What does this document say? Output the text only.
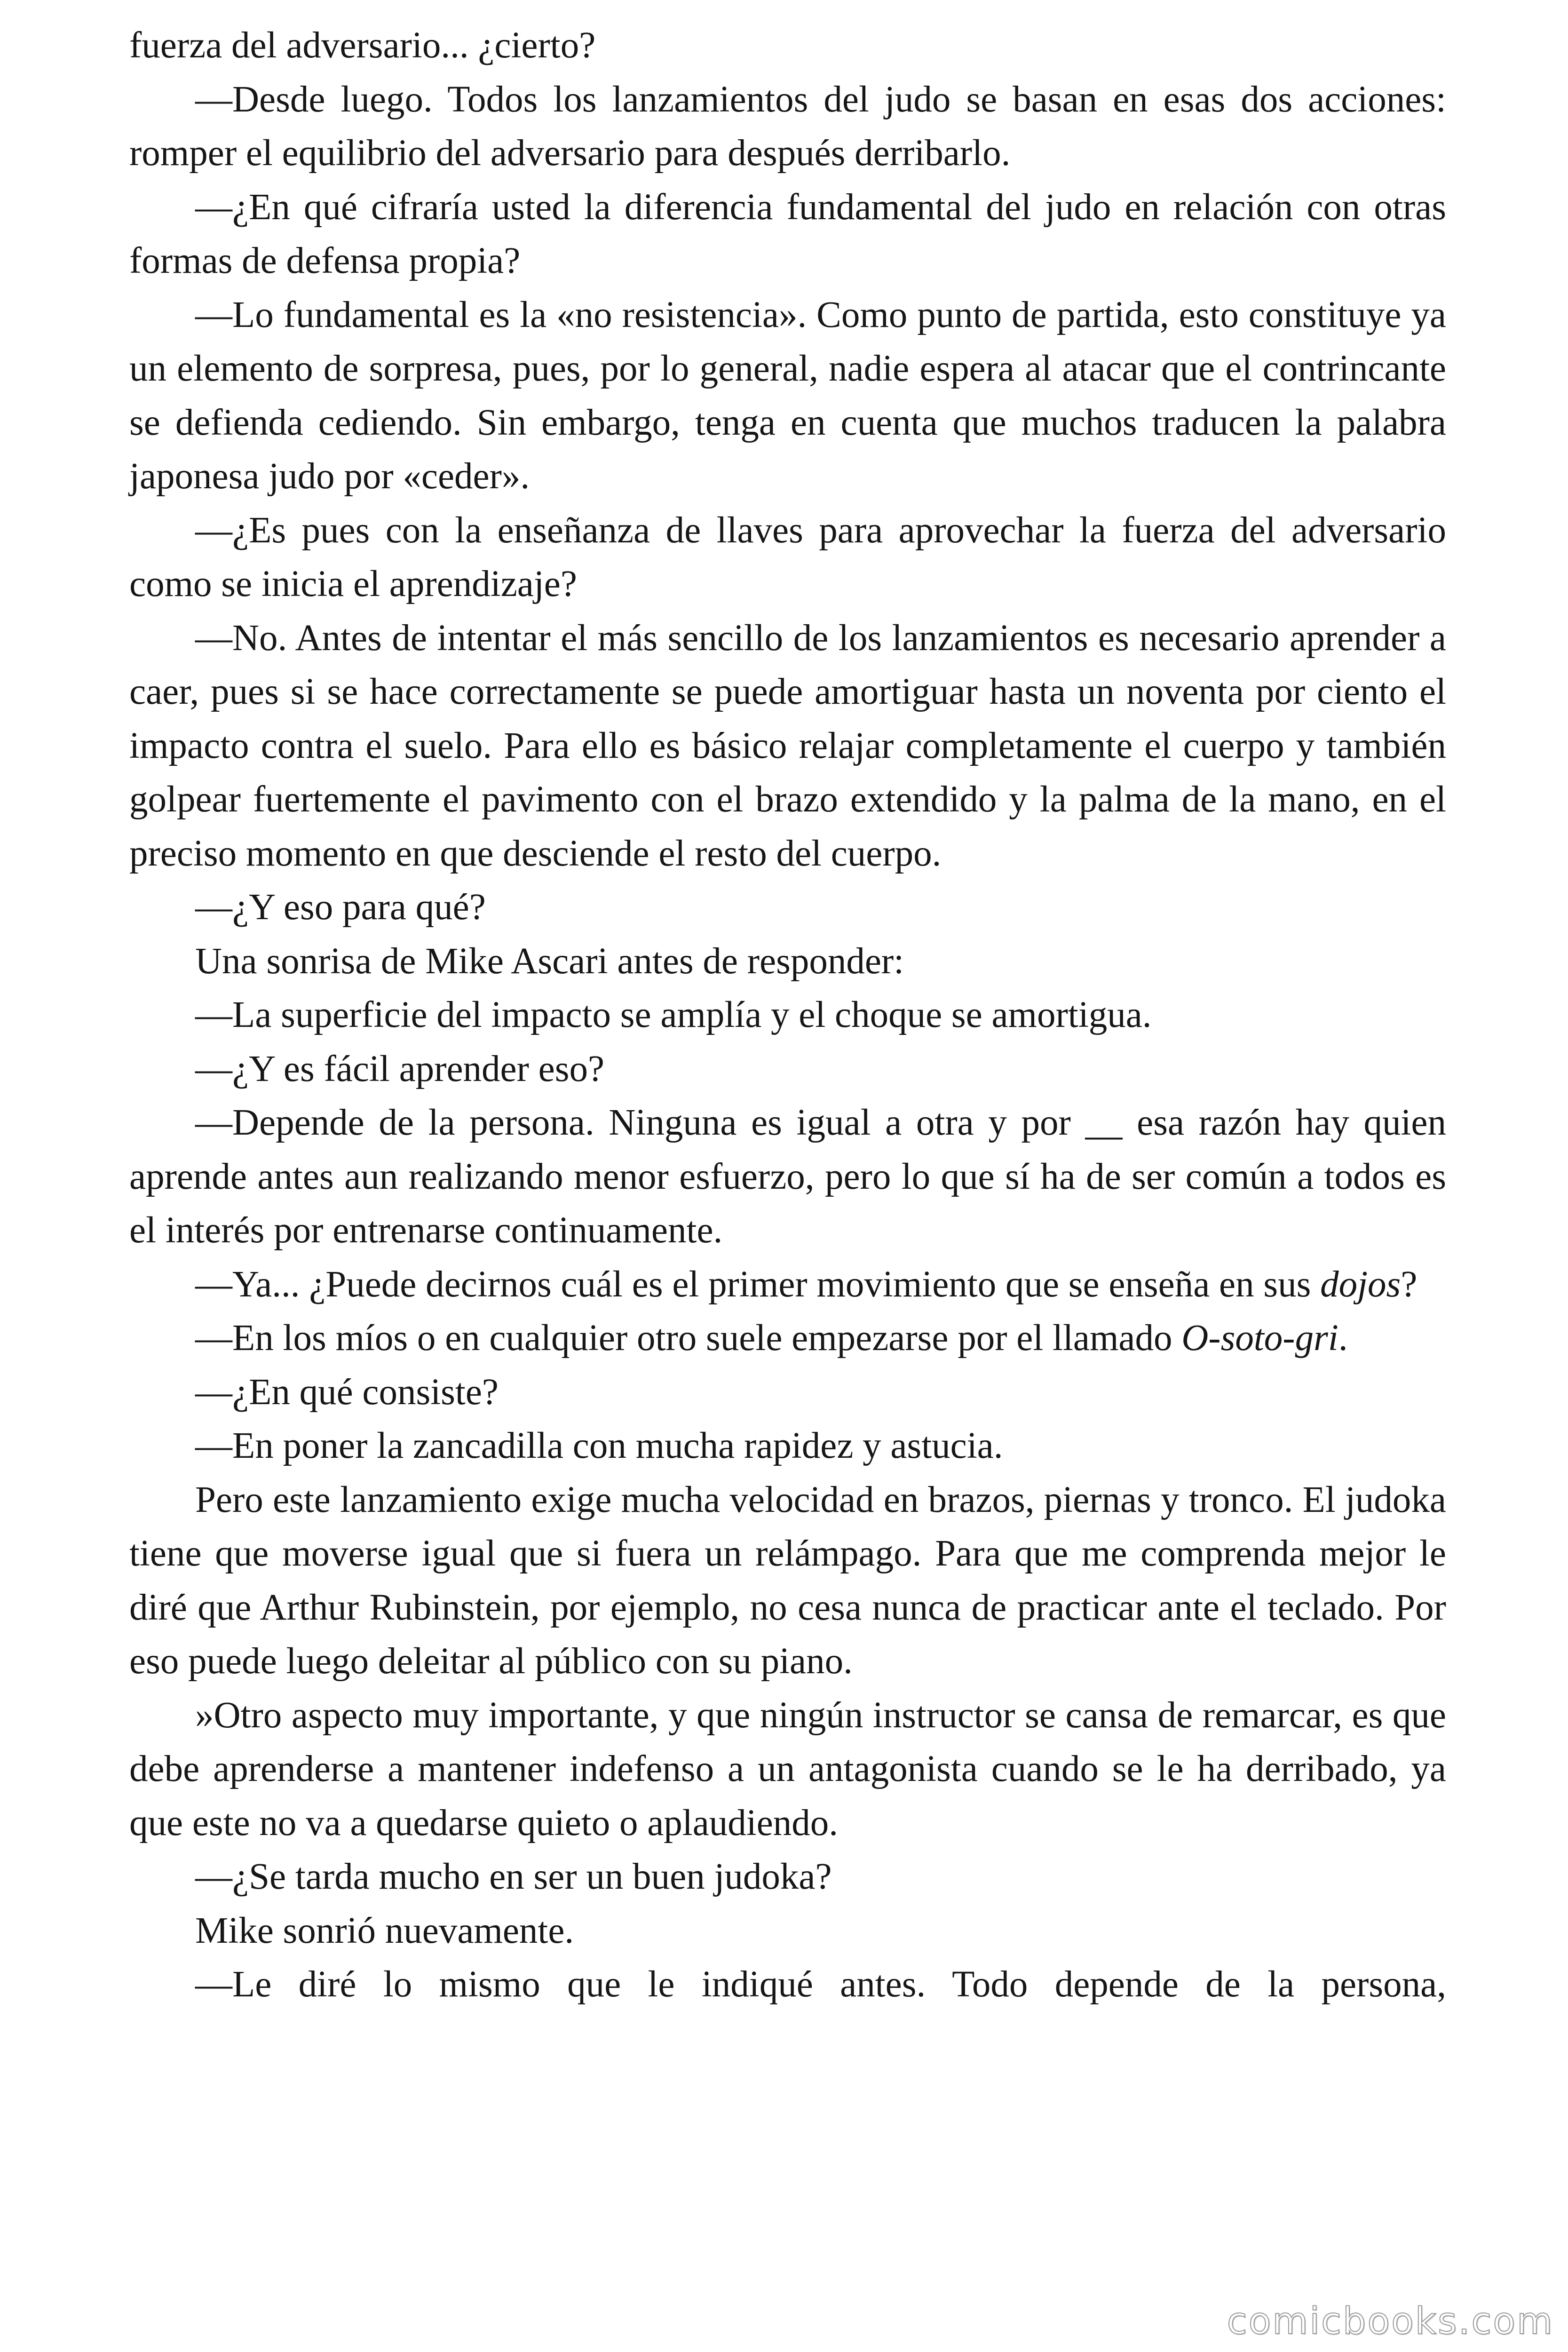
fuerza del adversario... ¿cierto?

—Desde luego. Todos los lanzamientos del judo se basan en esas dos acciones: romper el equilibrio del adversario para después derribarlo.

—¿En qué cifraría usted la diferencia fundamental del judo en relación con otras formas de defensa propia?

—Lo fundamental es la «no resistencia». Como punto de partida, esto constituye ya un elemento de sorpresa, pues, por lo general, nadie espera al atacar que el contrincante se defienda cediendo. Sin embargo, tenga en cuenta que muchos traducen la palabra japonesa judo por «ceder».

—¿Es pues con la enseñanza de llaves para aprovechar la fuerza del adversario como se inicia el aprendizaje?

—No. Antes de intentar el más sencillo de los lanzamientos es necesario aprender a caer, pues si se hace correctamente se puede amortiguar hasta un noventa por ciento el impacto contra el suelo. Para ello es básico relajar completamente el cuerpo y también golpear fuertemente el pavimento con el brazo extendido y la palma de la mano, en el preciso momento en que desciende el resto del cuerpo.

—¿Y eso para qué?

Una sonrisa de Mike Ascari antes de responder:

—La superficie del impacto se amplía y el choque se amortigua.

—¿Y es fácil aprender eso?

—Depende de la persona. Ninguna es igual a otra y por __ esa razón hay quien aprende antes aun realizando menor esfuerzo, pero lo que sí ha de ser común a todos es el interés por entrenarse continuamente.

—Ya... ¿Puede decirnos cuál es el primer movimiento que se enseña en sus dojos?

—En los míos o en cualquier otro suele empezarse por el llamado O-soto-gri.

—¿En qué consiste?

—En poner la zancadilla con mucha rapidez y astucia.

Pero este lanzamiento exige mucha velocidad en brazos, piernas y tronco. El judoka tiene que moverse igual que si fuera un relámpago. Para que me comprenda mejor le diré que Arthur Rubinstein, por ejemplo, no cesa nunca de practicar ante el teclado. Por eso puede luego deleitar al público con su piano.

»Otro aspecto muy importante, y que ningún instructor se cansa de remarcar, es que debe aprenderse a mantener indefenso a un antagonista cuando se le ha derribado, ya que este no va a quedarse quieto o aplaudiendo.

—¿Se tarda mucho en ser un buen judoka?

Mike sonrió nuevamente.

—Le diré lo mismo que le indiqué antes. Todo depende de la persona,

comicbooks.com
